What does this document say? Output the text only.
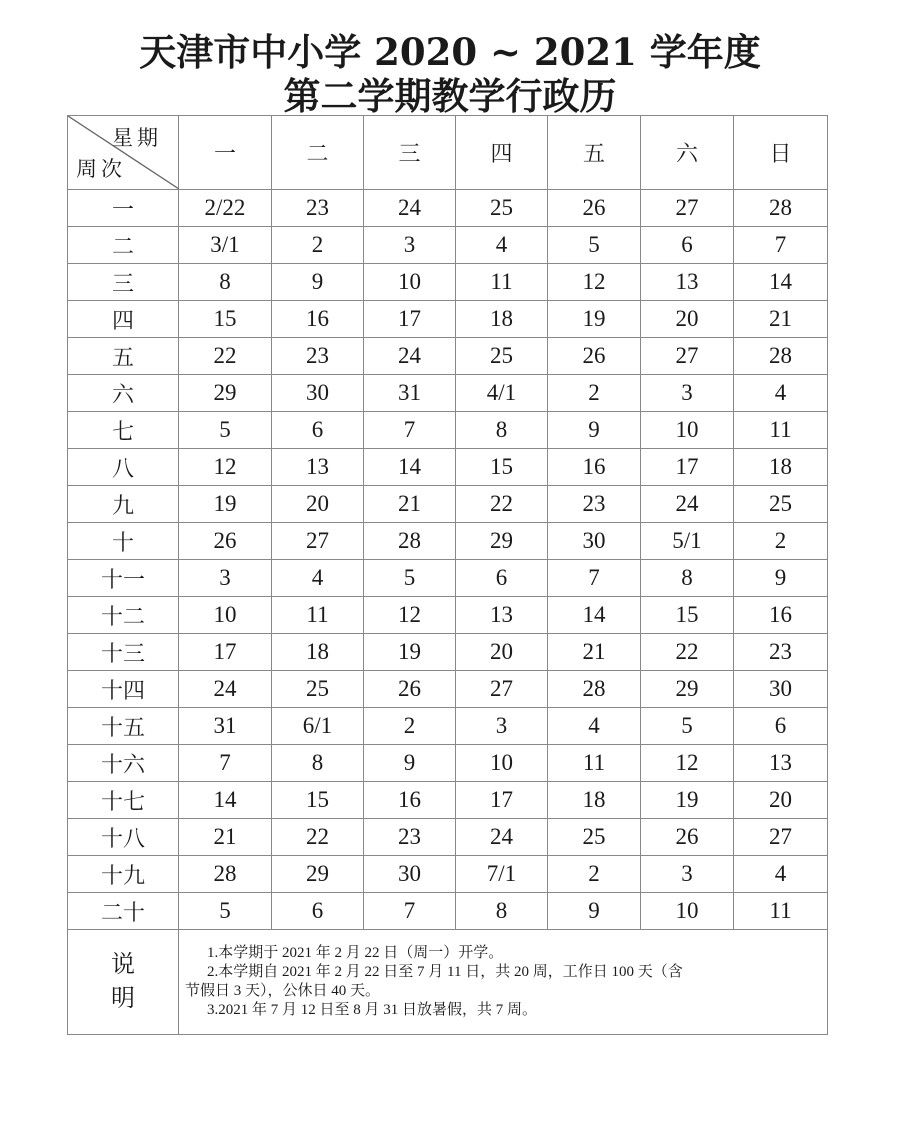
天津市中小学 2020 ~ 2021 学年度
第二学期教学行政历
星期
周次	一	二	三	四	五	六	日
一	2/22	23	24	25	26	27	28
二	3/1	2	3	4	5	6	7
三	8	9	10	11	12	13	14
四	15	16	17	18	19	20	21
五	22	23	24	25	26	27	28
六	29	30	31	4/1	2	3	4
七	5	6	7	8	9	10	11
八	12	13	14	15	16	17	18
九	19	20	21	22	23	24	25
十	26	27	28	29	30	5/1	2
十一	3	4	5	6	7	8	9
十二	10	11	12	13	14	15	16
十三	17	18	19	20	21	22	23
十四	24	25	26	27	28	29	30
十五	31	6/1	2	3	4	5	6
十六	7	8	9	10	11	12	13
十七	14	15	16	17	18	19	20
十八	21	22	23	24	25	26	27
十九	28	29	30	7/1	2	3	4
二十	5	6	7	8	9	10	11

说
明

1.本学期于 2021 年 2 月 22 日（周一）开学。
2.本学期自 2021 年 2 月 22 日至 7 月 11 日，共 20 周，工作日 100 天（含
节假日 3 天），公休日 40 天。
3.2021 年 7 月 12 日至 8 月 31 日放暑假，共 7 周。
